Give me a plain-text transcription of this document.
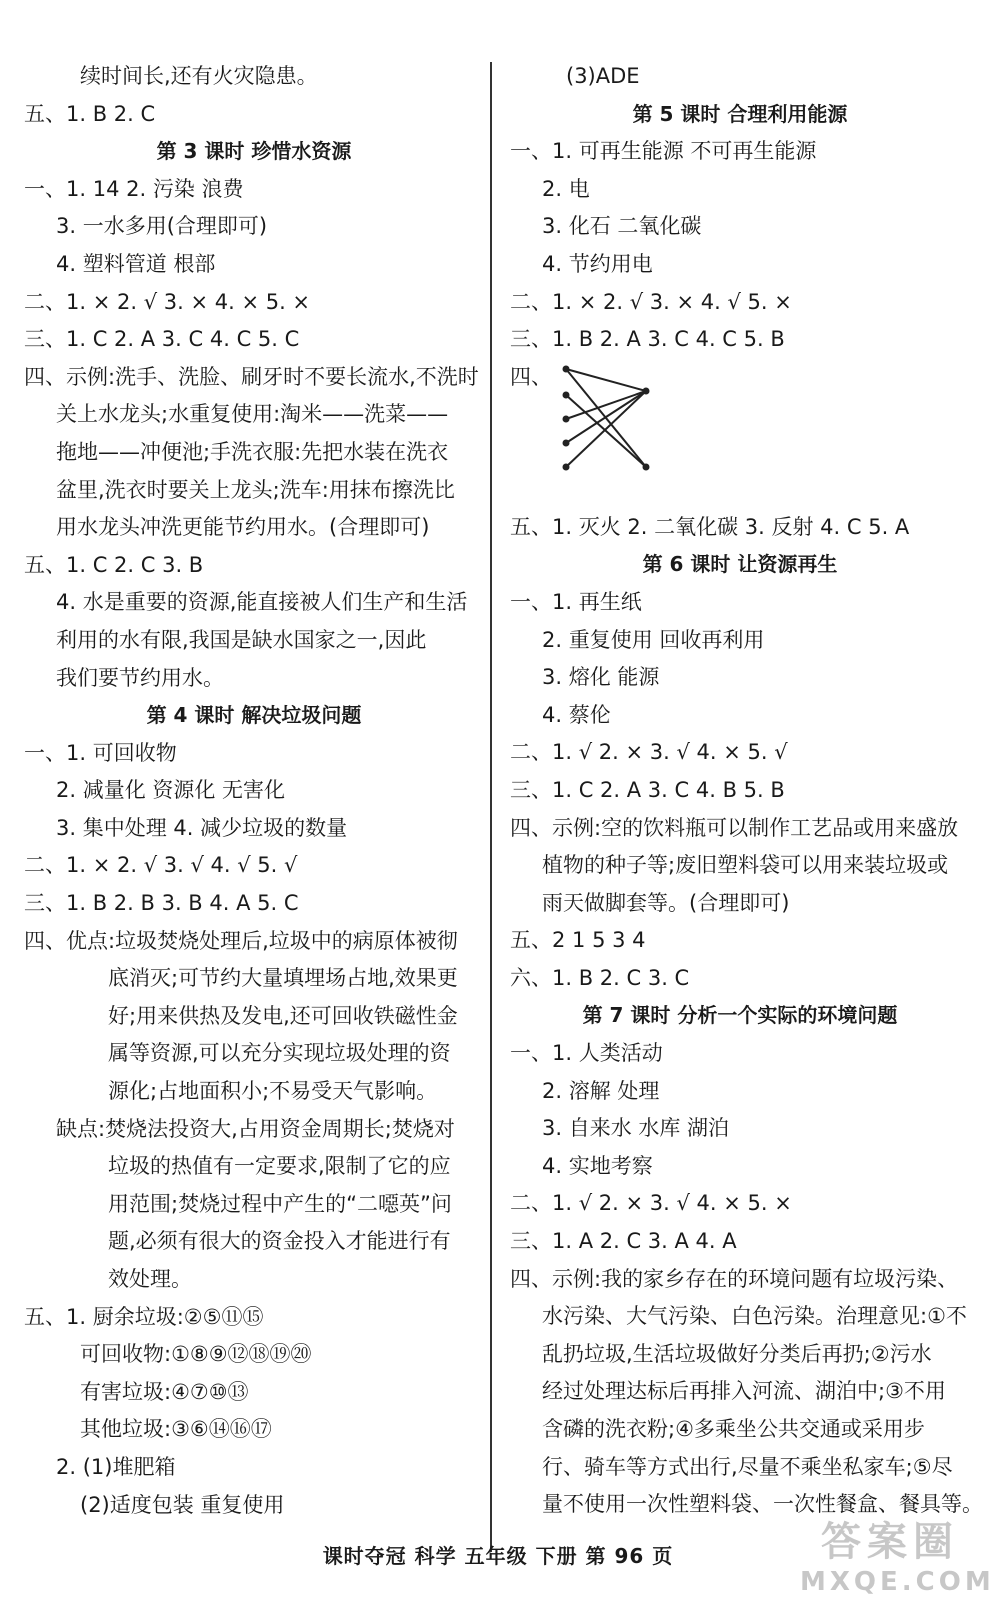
续时间长,还有火灾隐患。
五、1. B 2. C
第 3 课时 珍惜水资源
一、1. 14 2. 污染 浪费
3. 一水多用(合理即可)
4. 塑料管道 根部
二、1. × 2. √ 3. × 4. × 5. ×
三、1. C 2. A 3. C 4. C 5. C
四、示例:洗手、洗脸、刷牙时不要长流水,不洗时
关上水龙头;水重复使用:淘米——洗菜——
拖地——冲便池;手洗衣服:先把水装在洗衣
盆里,洗衣时要关上龙头;洗车:用抹布擦洗比
用水龙头冲洗更能节约用水。(合理即可)
五、1. C 2. C 3. B
4. 水是重要的资源,能直接被人们生产和生活
利用的水有限,我国是缺水国家之一,因此
我们要节约用水。
第 4 课时 解决垃圾问题
一、1. 可回收物
2. 减量化 资源化 无害化
3. 集中处理 4. 减少垃圾的数量
二、1. × 2. √ 3. √ 4. √ 5. √
三、1. B 2. B 3. B 4. A 5. C
四、优点:垃圾焚烧处理后,垃圾中的病原体被彻
底消灭;可节约大量填埋场占地,效果更
好;用来供热及发电,还可回收铁磁性金
属等资源,可以充分实现垃圾处理的资
源化;占地面积小;不易受天气影响。
缺点:焚烧法投资大,占用资金周期长;焚烧对
垃圾的热值有一定要求,限制了它的应
用范围;焚烧过程中产生的“二噁英”问
题,必须有很大的资金投入才能进行有
效处理。
五、1. 厨余垃圾:②⑤⑪⑮
可回收物:①⑧⑨⑫⑱⑲⑳
有害垃圾:④⑦⑩⑬
其他垃圾:③⑥⑭⑯⑰
2. (1)堆肥箱
(2)适度包装 重复使用
(3)ADE
第 5 课时 合理利用能源
一、1. 可再生能源 不可再生能源
2. 电
3. 化石 二氧化碳
4. 节约用电
二、1. × 2. √ 3. × 4. √ 5. ×
三、1. B 2. A 3. C 4. C 5. B
四、
五、1. 灭火 2. 二氧化碳 3. 反射 4. C 5. A
第 6 课时 让资源再生
一、1. 再生纸
2. 重复使用 回收再利用
3. 熔化 能源
4. 蔡伦
二、1. √ 2. × 3. √ 4. × 5. √
三、1. C 2. A 3. C 4. B 5. B
四、示例:空的饮料瓶可以制作工艺品或用来盛放
植物的种子等;废旧塑料袋可以用来装垃圾或
雨天做脚套等。(合理即可)
五、2 1 5 3 4
六、1. B 2. C 3. C
第 7 课时 分析一个实际的环境问题
一、1. 人类活动
2. 溶解 处理
3. 自来水 水库 湖泊
4. 实地考察
二、1. √ 2. × 3. √ 4. × 5. ×
三、1. A 2. C 3. A 4. A
四、示例:我的家乡存在的环境问题有垃圾污染、
水污染、大气污染、白色污染。治理意见:①不
乱扔垃圾,生活垃圾做好分类后再扔;②污水
经过处理达标后再排入河流、湖泊中;③不用
含磷的洗衣粉;④多乘坐公共交通或采用步
行、骑车等方式出行,尽量不乘坐私家车;⑤尽
量不使用一次性塑料袋、一次性餐盒、餐具等。
课时夺冠 科学 五年级 下册 第 96 页	答案圈
MXQE.COM
